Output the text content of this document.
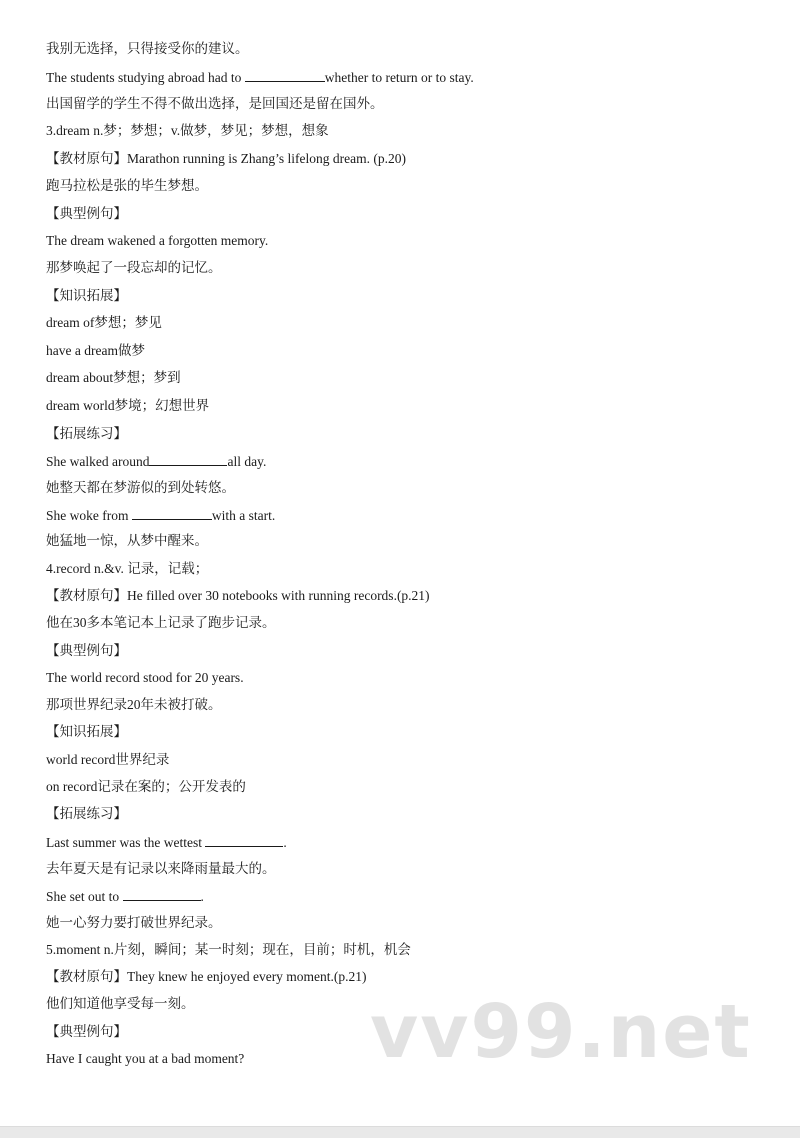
我别无选择，只得接受你的建议。
The students studying abroad had to	whether to return or to stay.
出国留学的学生不得不做出选择，是回国还是留在国外。
3.dream n.梦；梦想；v.做梦，梦见；梦想，想象
【教材原句】Marathon running is Zhang’s lifelong dream. (p.20)
跑马拉松是张的毕生梦想。
【典型例句】
The dream wakened a forgotten memory.
那梦唤起了一段忘却的记忆。
【知识拓展】
dream of梦想；梦见
have a dream做梦
dream about梦想；梦到
dream world梦境；幻想世界
【拓展练习】
She walked around	all day.
她整天都在梦游似的到处转悠。
She woke from	with a start.
她猛地一惊，从梦中醒来。
4.record n.&v. 记录，记载；
【教材原句】He filled over 30 notebooks with running records.(p.21)
他在30多本笔记本上记录了跑步记录。
【典型例句】
The world record stood for 20 years.
那项世界纪录20年未被打破。
【知识拓展】
world record世界纪录
on record记录在案的；公开发表的
【拓展练习】
Last summer was the wettest	.
去年夏天是有记录以来降雨量最大的。
She set out to	.
她一心努力要打破世界纪录。
5.moment n.片刻，瞬间；某一时刻；现在，目前；时机，机会
【教材原句】They knew he enjoyed every moment.(p.21)
他们知道他享受每一刻。
【典型例句】
Have I caught you at a bad moment? vv99.net
